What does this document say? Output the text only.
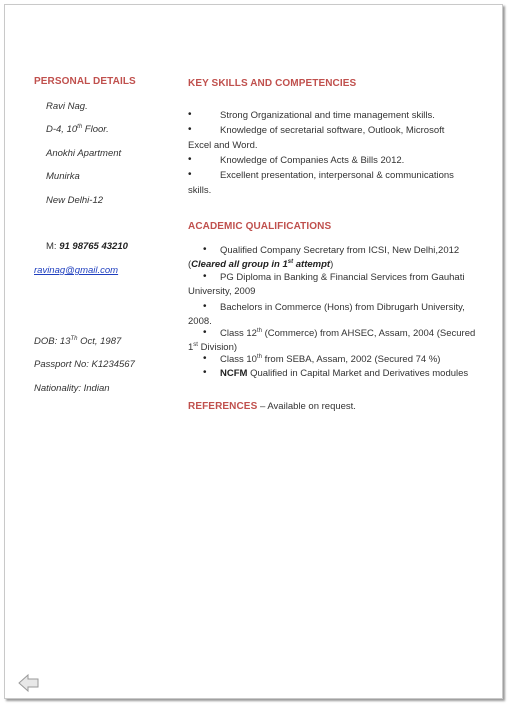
PERSONAL DETAILS
Ravi Nag.
D-4, 10th Floor.
Anokhi Apartment
Munirka
New Delhi-12
M: 91 98765 43210
ravinag@gmail.com
DOB: 13Th Oct, 1987
Passport No: K1234567
Nationality: Indian
KEY SKILLS AND COMPETENCIES
•	Strong Organizational and time management skills.
•	Knowledge of secretarial software, Outlook, Microsoft
Excel and Word.
•	Knowledge of Companies Acts & Bills 2012.
•	Excellent presentation, interpersonal & communications
skills.
ACADEMIC QUALIFICATIONS
• Qualified Company Secretary from ICSI, New Delhi,2012
(Cleared all group in 1st attempt)
• PG Diploma in Banking & Financial Services from Gauhati
University, 2009
• Bachelors in Commerce (Hons) from Dibrugarh University,
2008.
• Class 12th (Commerce) from AHSEC, Assam, 2004 (Secured
1st Division)
• Class 10th from SEBA, Assam, 2002 (Secured 74 %)
• NCFM Qualified in Capital Market and Derivatives modules
REFERENCES – Available on request.
